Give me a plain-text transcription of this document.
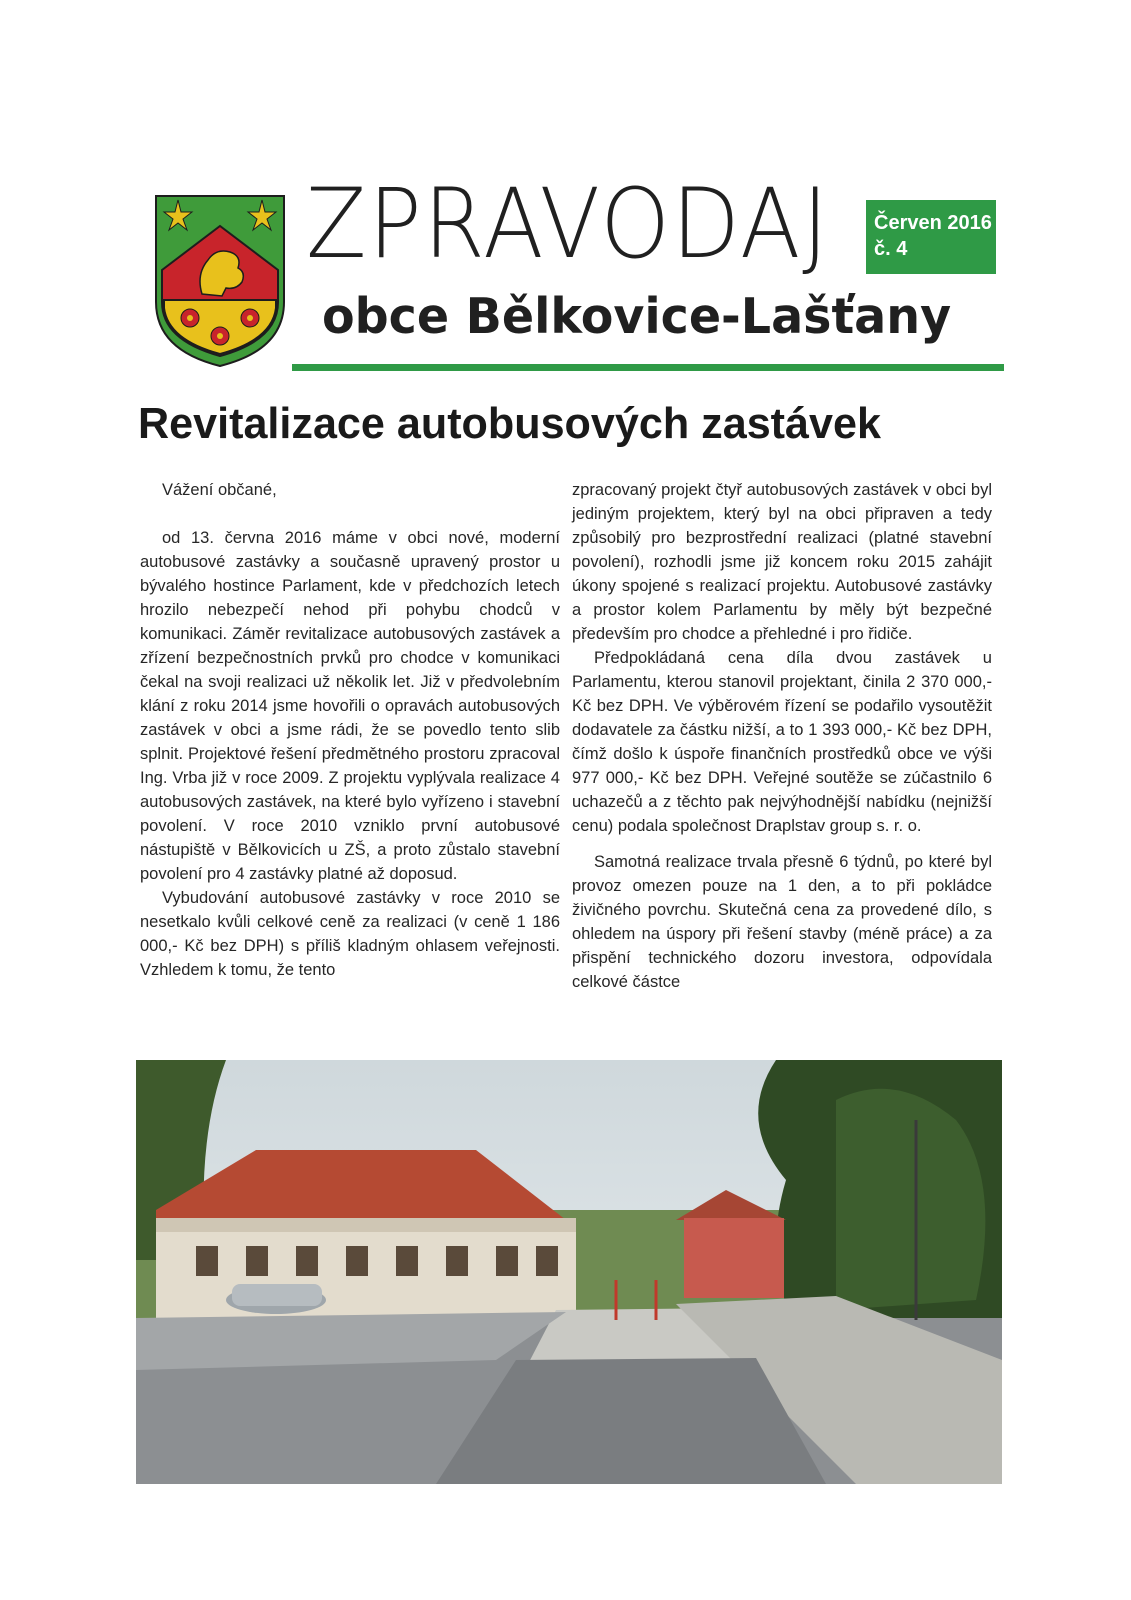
ZPRAVODAJ Červen 2016
č. 4
obce Bělkovice-Lašťany
Revitalizace autobusových zastávek

Vážení občané,

od 13. června 2016 máme v obci nové, moderní autobusové zastávky a současně upravený prostor u bývalého hostince Parlament, kde v předchozích letech hrozilo nebezpečí nehod při pohybu chodců v komunikaci. Záměr revitalizace autobusových zastávek a zřízení bezpečnostních prvků pro chodce v komunikaci čekal na svoji realizaci už několik let. Již v předvolebním klání z roku 2014 jsme hovořili o opravách autobusových zastávek v obci a jsme rádi, že se povedlo tento slib splnit. Projektové řešení předmětného prostoru zpracoval Ing. Vrba již v roce 2009. Z projektu vyplývala realizace 4 autobusových zastávek, na které bylo vyřízeno i stavební povolení. V roce 2010 vzniklo první autobusové nástupiště v Bělkovicích u ZŠ, a proto zůstalo stavební povolení pro 4 zastávky platné až doposud.

Vybudování autobusové zastávky v roce 2010 se nesetkalo kvůli celkové ceně za realizaci (v ceně 1 186 000,- Kč bez DPH) s příliš kladným ohlasem veřejnosti. Vzhledem k tomu, že tento

zpracovaný projekt čtyř autobusových zastávek v obci byl jediným projektem, který byl na obci připraven a tedy způsobilý pro bezprostřední realizaci (platné stavební povolení), rozhodli jsme již koncem roku 2015 zahájit úkony spojené s realizací projektu. Autobusové zastávky a prostor kolem Parlamentu by měly být bezpečné především pro chodce a přehledné i pro řidiče.

Předpokládaná cena díla dvou zastávek u Parlamentu, kterou stanovil projektant, činila 2 370 000,- Kč bez DPH. Ve výběrovém řízení se podařilo vysoutěžit dodavatele za částku nižší, a to 1 393 000,- Kč bez DPH, čímž došlo k úspoře finančních prostředků obce ve výši 977 000,- Kč bez DPH. Veřejné soutěže se zúčastnilo 6 uchazečů a z těchto pak nejvýhodnější nabídku (nejnižší cenu) podala společnost Draplstav group s. r. o.

Samotná realizace trvala přesně 6 týdnů, po které byl provoz omezen pouze na 1 den, a to při pokládce živičného povrchu. Skutečná cena za provedené dílo, s ohledem na úspory při řešení stavby (méně práce) a za přispění technického dozoru investora, odpovídala celkové částce
